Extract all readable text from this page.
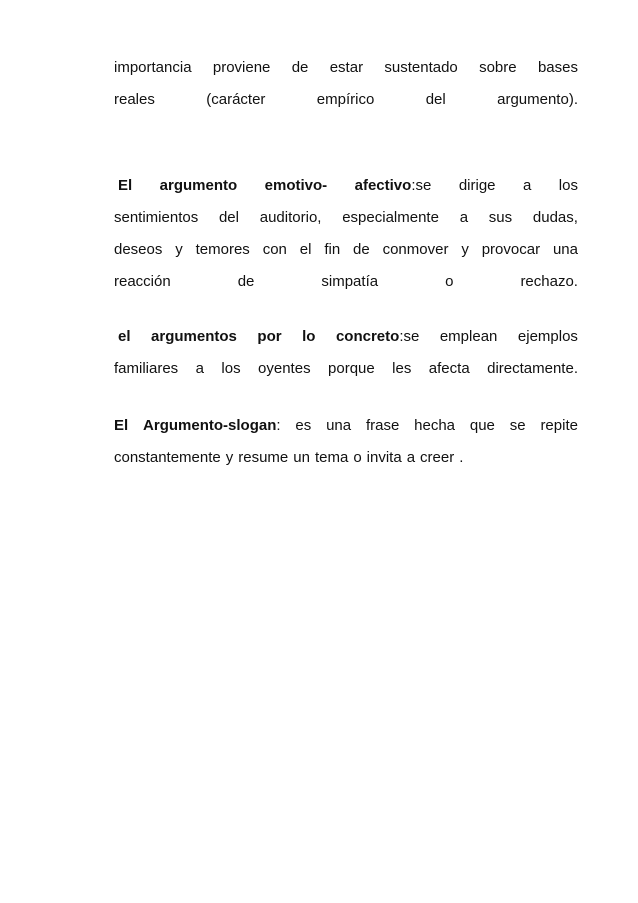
importancia proviene de estar sustentado sobre bases
reales	(carácter	empírico	del	argumento).
El argumento emotivo- afectivo:se dirige a los
sentimientos del auditorio, especialmente a sus dudas,
deseos y temores con el fin de conmover y provocar una
reacción	de	simpatía	o	rechazo.
el argumentos por lo concreto:se emplean ejemplos
familiares a los oyentes porque les afecta directamente.
El Argumento-slogan: es una frase hecha que se repite
constantemente y resume un tema o invita a creer .
